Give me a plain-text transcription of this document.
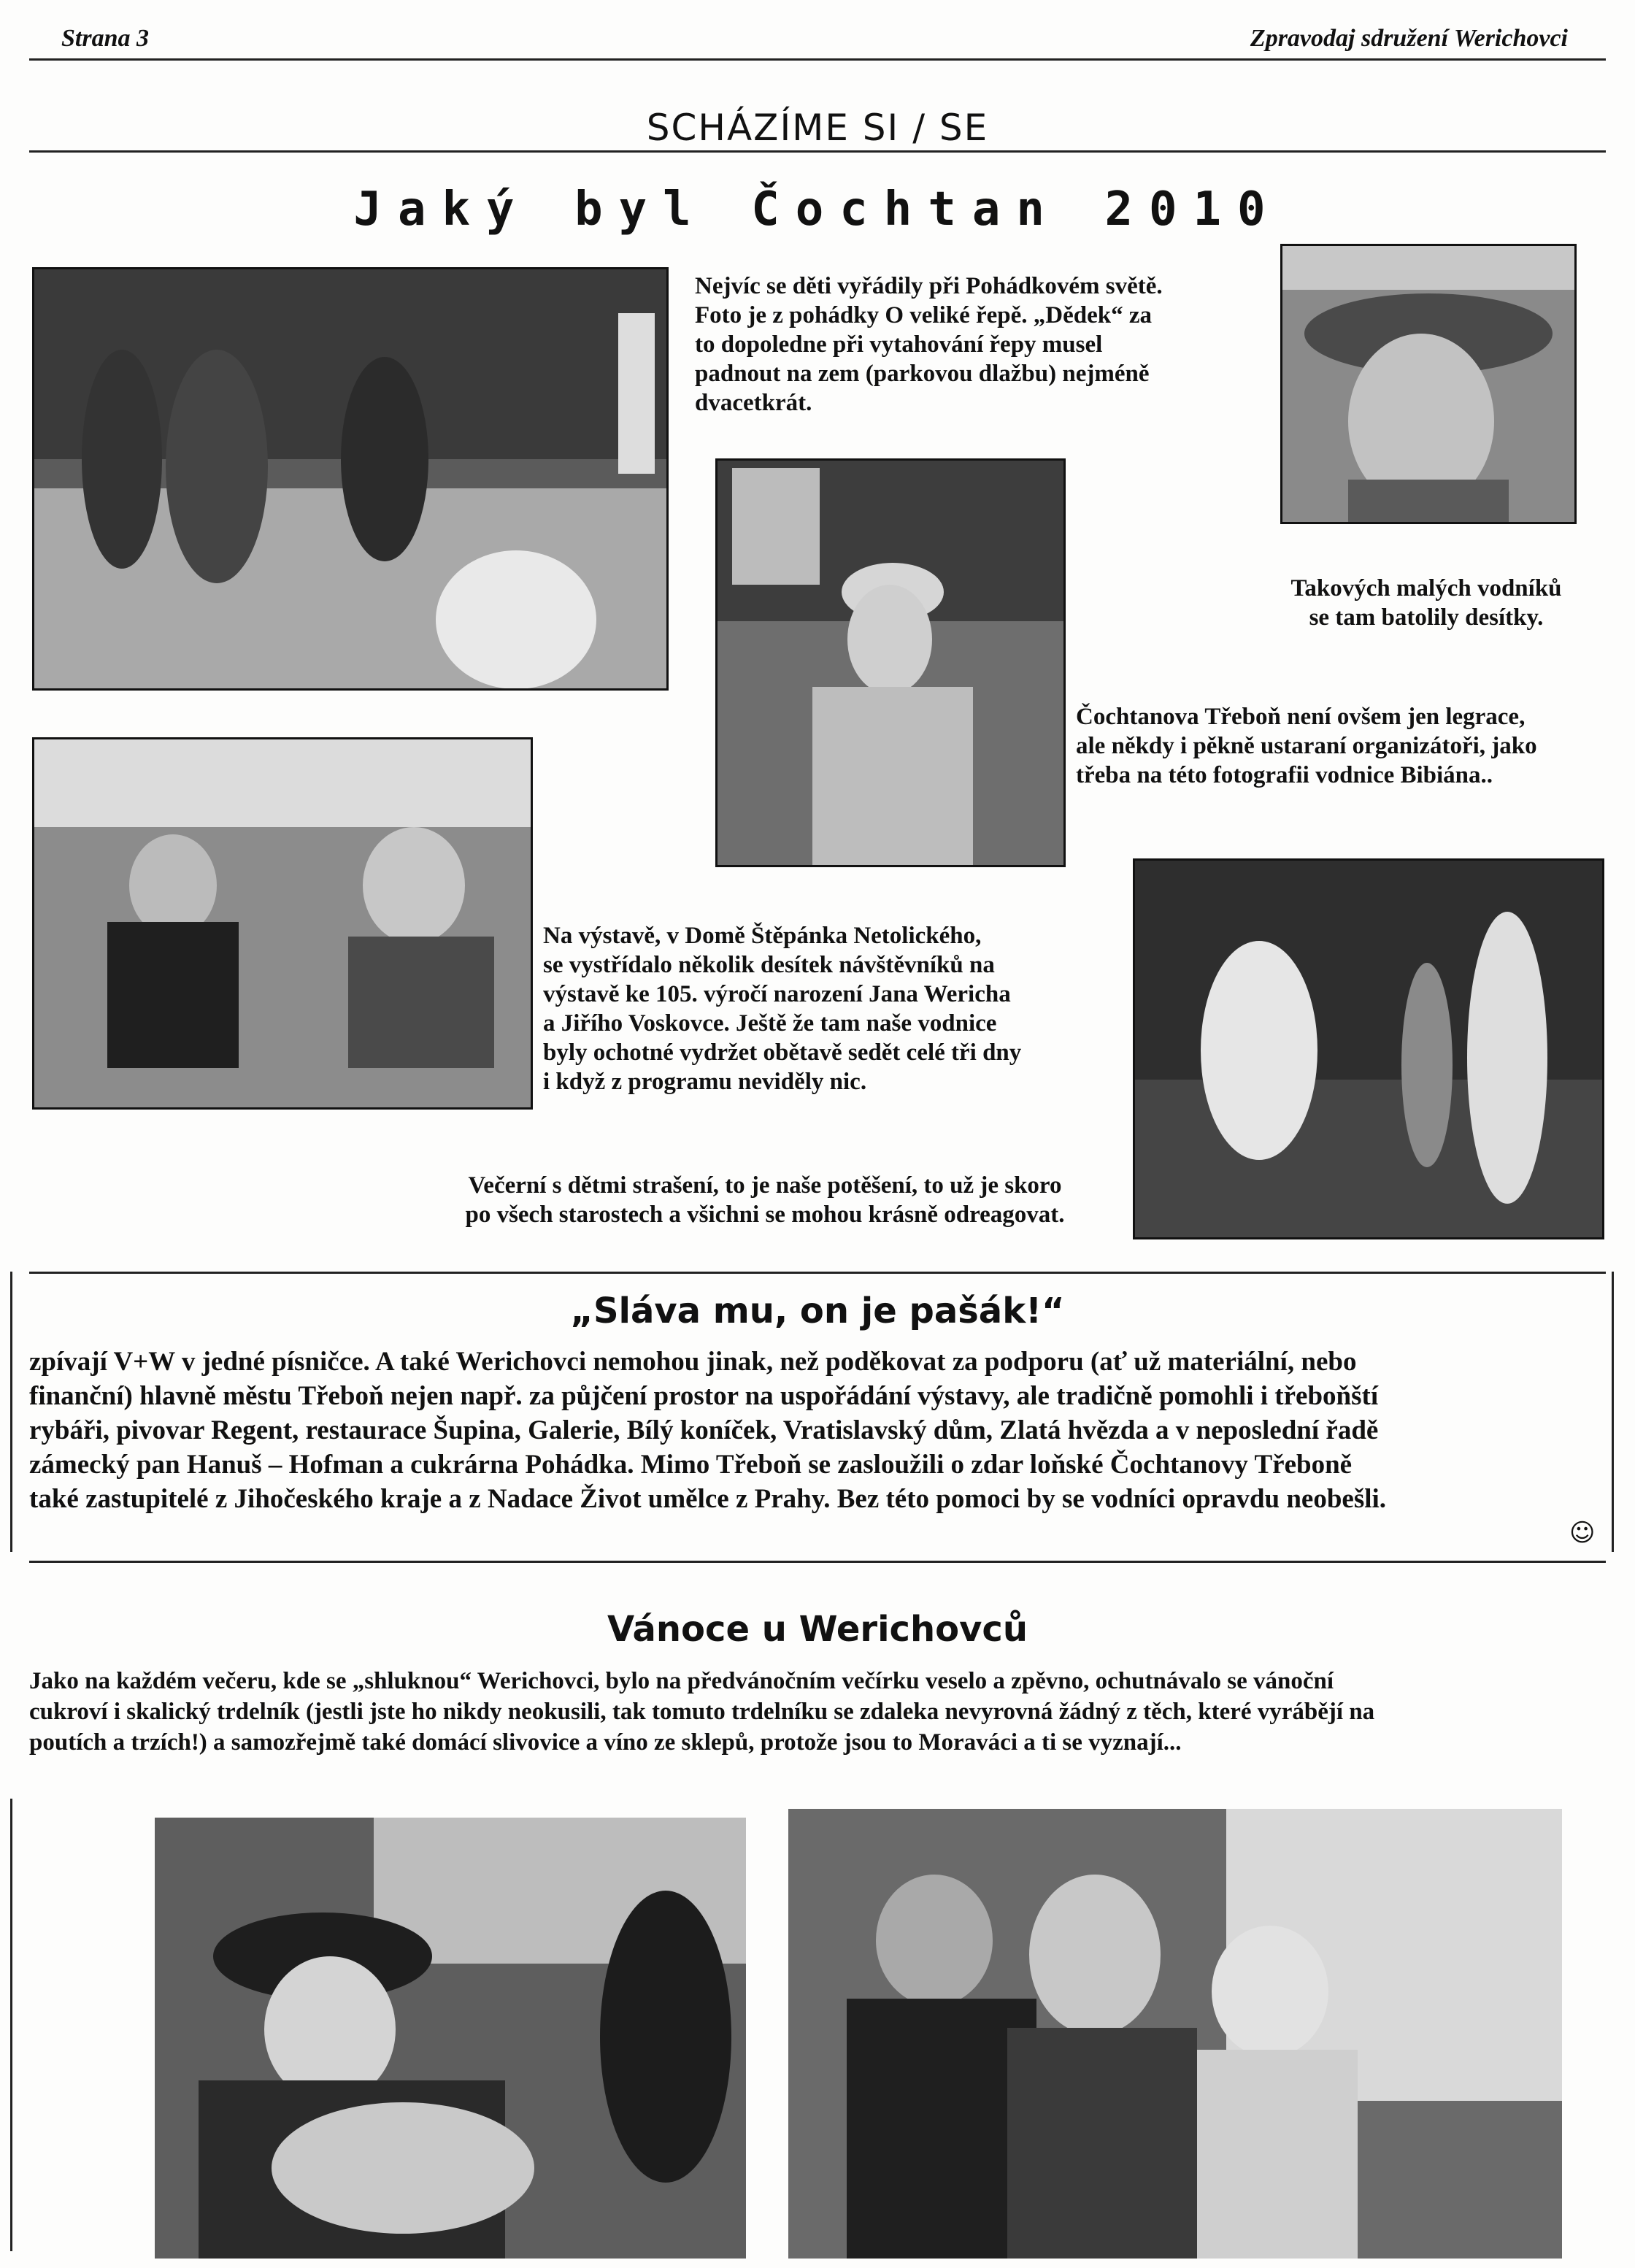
Strana 3	Zpravodaj sdružení Werichovci
SCHÁZÍME SI / SE
Jaký byl Čochtan 2010
Nejvíc se děti vyřádily při Pohádkovém světě.
Foto je z pohádky O veliké řepě. „Dědek“ za
to dopoledne při vytahování řepy musel
padnout na zem (parkovou dlažbu) nejméně
dvacetkrát.
Takových malých vodníků
se tam batolily desítky.
Čochtanova Třeboň není ovšem jen legrace,
ale někdy i pěkně ustaraní organizátoři, jako
třeba na této fotografii vodnice Bibiána..
Na výstavě, v Domě Štěpánka Netolického,
se vystřídalo několik desítek návštěvníků na
výstavě ke 105. výročí narození Jana Wericha
a Jiřího Voskovce. Ještě že tam naše vodnice
byly ochotné vydržet obětavě sedět celé tři dny
i když z programu neviděly nic.
Večerní s dětmi strašení, to je naše potěšení, to už je skoro
po všech starostech a všichni se mohou krásně odreagovat.
„Sláva mu, on je pašák!“
zpívají V+W v jedné písničce. A také Werichovci nemohou jinak, než poděkovat za podporu (ať už materiální, nebo
finanční) hlavně městu Třeboň nejen např. za půjčení prostor na uspořádání výstavy, ale tradičně pomohli i třeboňští
rybáři, pivovar Regent, restaurace Šupina, Galerie, Bílý koníček, Vratislavský dům, Zlatá hvězda a v neposlední řadě
zámecký pan Hanuš – Hofman a cukrárna Pohádka. Mimo Třeboň se zasloužili o zdar loňské Čochtanovy Třeboně
také zastupitelé z Jihočeského kraje a z Nadace Život umělce z Prahy. Bez této pomoci by se vodníci opravdu neobešli.
☺
Vánoce u Werichovců
Jako na každém večeru, kde se „shluknou“ Werichovci, bylo na předvánočním večírku veselo a zpěvno, ochutnávalo se vánoční
cukroví i skalický trdelník (jestli jste ho nikdy neokusili, tak tomuto trdelníku se zdaleka nevyrovná žádný z těch, které vyrábějí na
poutích a trzích!) a samozřejmě také domácí slivovice a víno ze sklepů, protože jsou to Moraváci a ti se vyznají...
